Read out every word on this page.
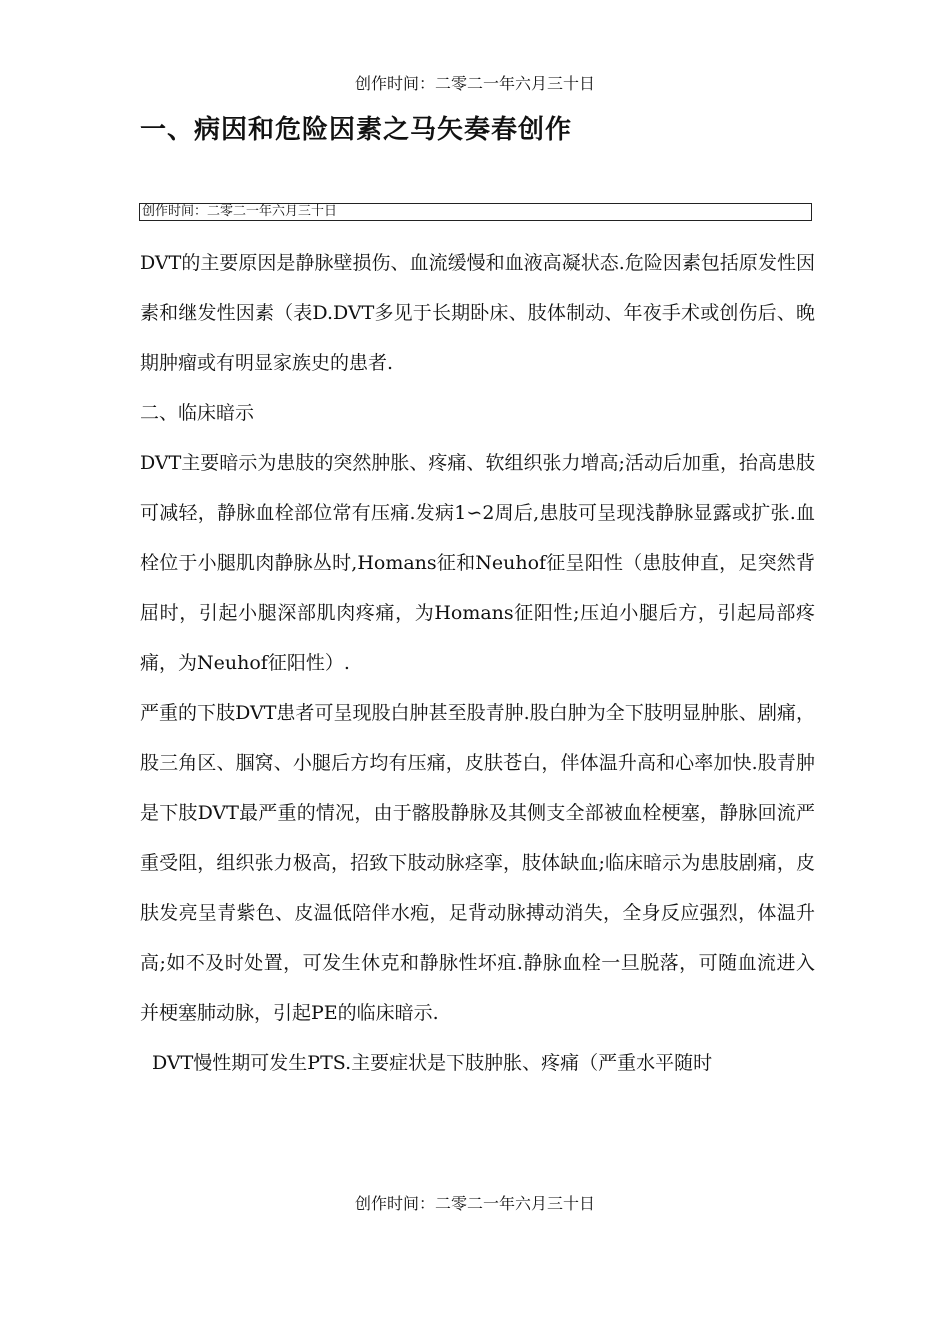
创作时间：二零二一年六月三十日
一、病因和危险因素之马矢奏春创作
创作时间：二零二一年六月三十日

DVT的主要原因是静脉壁损伤、血流缓慢和血液高凝状态.危险因素包括原发性因素和继发性因素（表D.DVT多见于长期卧床、肢体制动、年夜手术或创伤后、晚期肿瘤或有明显家族史的患者.

二、临床暗示

DVT主要暗示为患肢的突然肿胀、疼痛、软组织张力增高;活动后加重，抬高患肢可减轻，静脉血栓部位常有压痛.发病1∽2周后,患肢可呈现浅静脉显露或扩张.血栓位于小腿肌肉静脉丛时,Homans征和Neuhof征呈阳性（患肢伸直，足突然背屈时，引起小腿深部肌肉疼痛，为Homans征阳性;压迫小腿后方，引起局部疼痛，为Neuhof征阳性）.

严重的下肢DVT患者可呈现股白肿甚至股青肿.股白肿为全下肢明显肿胀、剧痛，股三角区、腘窝、小腿后方均有压痛，皮肤苍白，伴体温升高和心率加快.股青肿是下肢DVT最严重的情况，由于髂股静脉及其侧支全部被血栓梗塞，静脉回流严重受阻，组织张力极高，招致下肢动脉痉挛，肢体缺血;临床暗示为患肢剧痛，皮肤发亮呈青紫色、皮温低陪伴水疱，足背动脉搏动消失，全身反应强烈，体温升高;如不及时处置，可发生休克和静脉性坏疽.静脉血栓一旦脱落，可随血流进入并梗塞肺动脉，引起PE的临床暗示.

DVT慢性期可发生PTS.主要症状是下肢肿胀、疼痛（严重水平随时

创作时间：二零二一年六月三十日
